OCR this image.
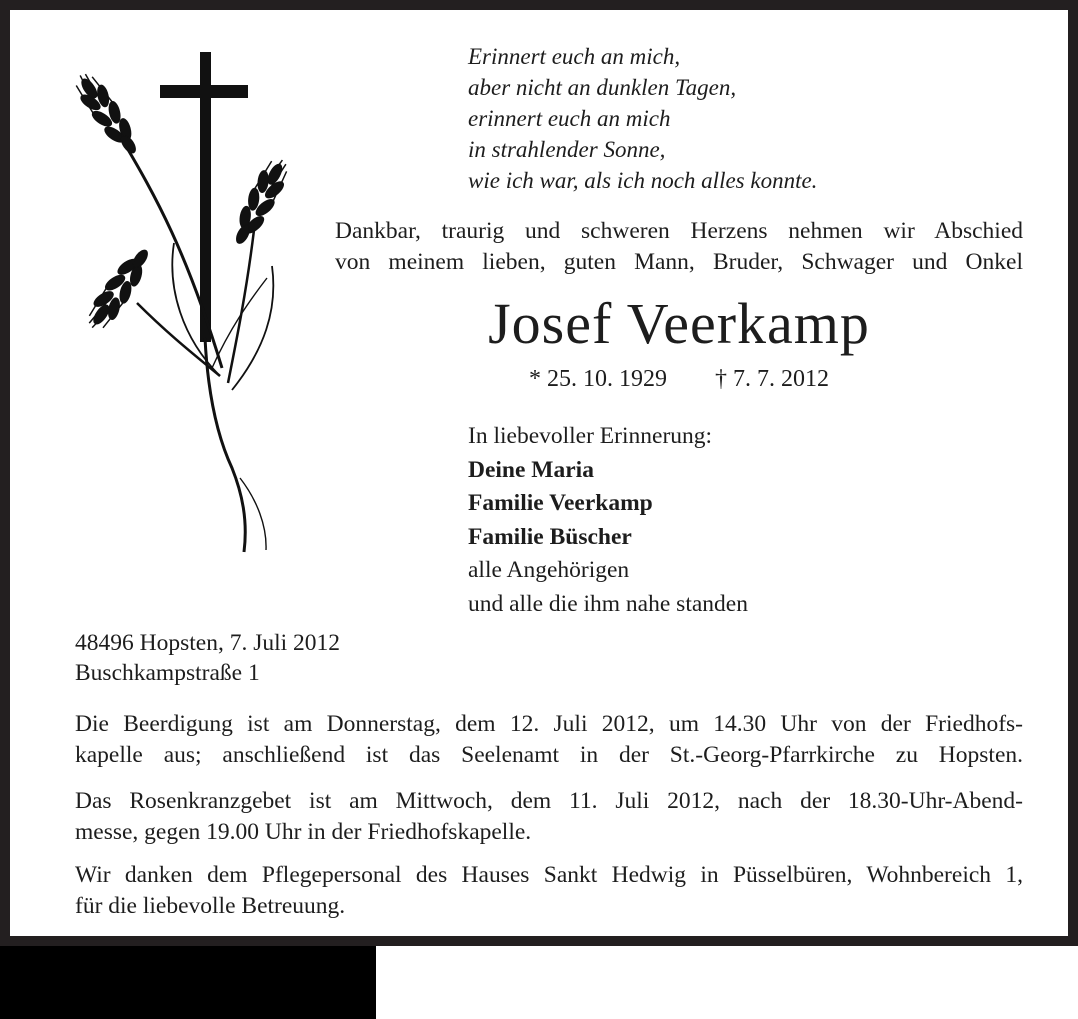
Erinnert euch an mich,
aber nicht an dunklen Tagen,
erinnert euch an mich
in strahlender Sonne,
wie ich war, als ich noch alles konnte.
Dankbar, traurig und schweren Herzens nehmen wir Abschied
von meinem lieben, guten Mann, Bruder, Schwager und Onkel
Josef Veerkamp
* 25. 10. 1929 † 7. 7. 2012
In liebevoller Erinnerung:
Deine Maria
Familie Veerkamp
Familie Büscher
alle Angehörigen
und alle die ihm nahe standen
48496 Hopsten, 7. Juli 2012
Buschkampstraße 1
Die Beerdigung ist am Donnerstag, dem 12. Juli 2012, um 14.30 Uhr von der Friedhofs-
kapelle aus; anschließend ist das Seelenamt in der St.-Georg-Pfarrkirche zu Hopsten.
Das Rosenkranzgebet ist am Mittwoch, dem 11. Juli 2012, nach der 18.30-Uhr-Abend-
messe, gegen 19.00 Uhr in der Friedhofskapelle.
Wir danken dem Pflegepersonal des Hauses Sankt Hedwig in Püsselbüren, Wohnbereich 1,
für die liebevolle Betreuung.
